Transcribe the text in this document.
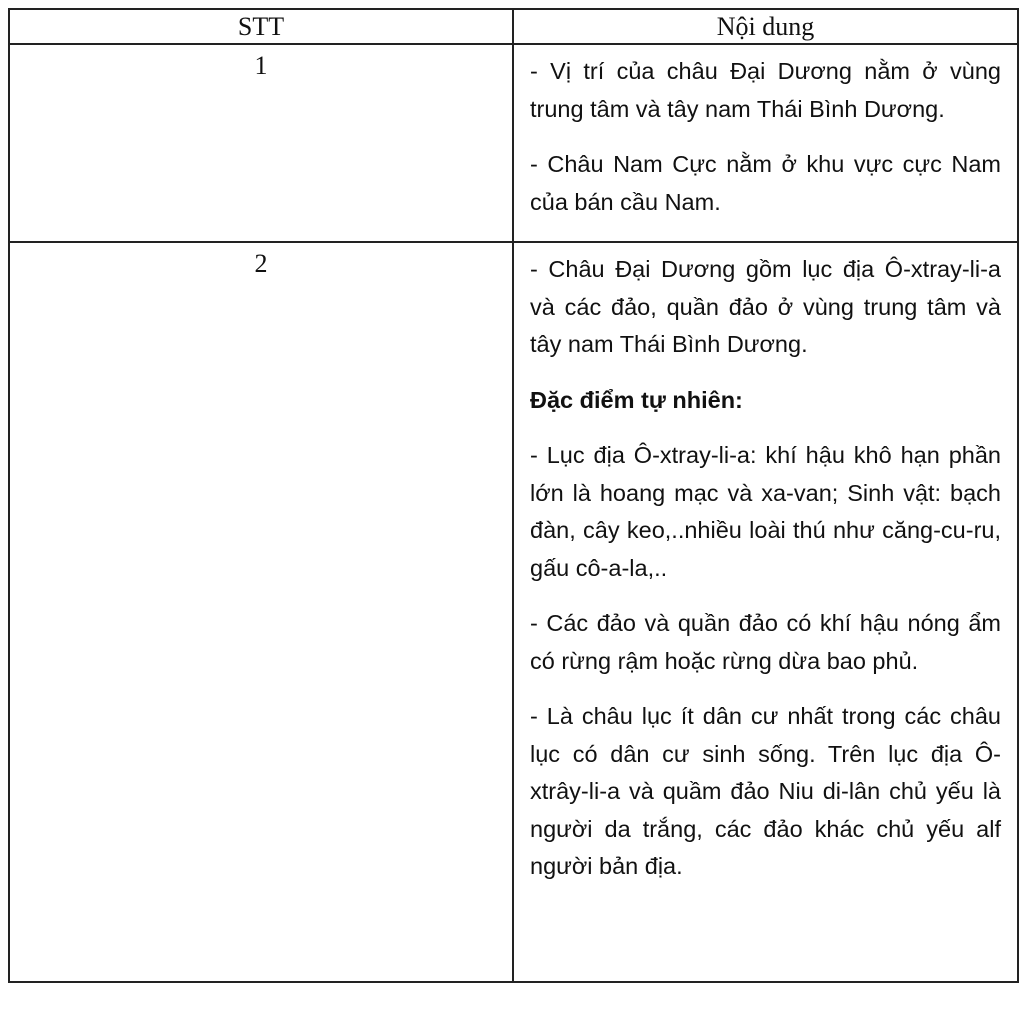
STT	Nội dung
1	- Vị trí của châu Đại Dương nằm ở vùng trung tâm và tây nam Thái Bình Dương.

- Châu Nam Cực nằm ở khu vực cực Nam của bán cầu Nam.

2	- Châu Đại Dương gồm lục địa Ô-xtray-li-a và các đảo, quần đảo ở vùng trung tâm và tây nam Thái Bình Dương.

Đặc điểm tự nhiên:

- Lục địa Ô-xtray-li-a: khí hậu khô hạn phần lớn là hoang mạc và xa-van; Sinh vật: bạch đàn, cây keo,..nhiều loài thú như căng-cu-ru, gấu cô-a-la,..

- Các đảo và quần đảo có khí hậu nóng ẩm có rừng rậm hoặc rừng dừa bao phủ.

- Là châu lục ít dân cư nhất trong các châu lục có dân cư sinh sống. Trên lục địa Ô-xtrây-li-a và quầm đảo Niu di-lân chủ yếu là người da trắng, các đảo khác chủ yếu alf người bản địa.
